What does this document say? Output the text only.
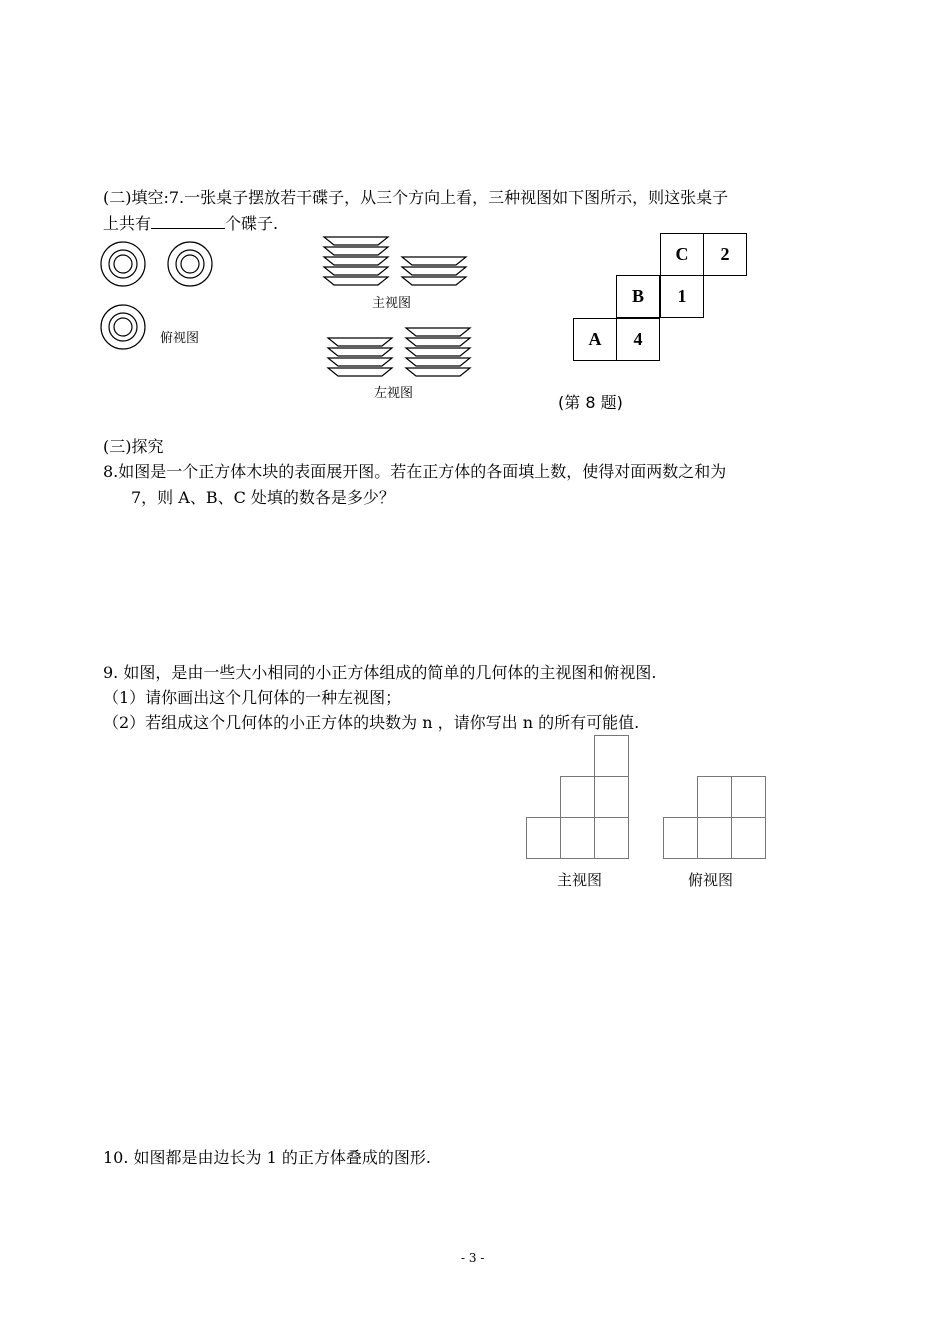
(二)填空:7.一张桌子摆放若干碟子，从三个方向上看，三种视图如下图所示，则这张桌子
上共有	个碟子.
俯视图
主视图
左视图
C	2
B	1
A	4
(第 8 题)
(三)探究
8.如图是一个正方体木块的表面展开图。若在正方体的各面填上数，使得对面两数之和为
7，则 A、B、C 处填的数各是多少？
9. 如图，是由一些大小相同的小正方体组成的简单的几何体的主视图和俯视图.
（1）请你画出这个几何体的一种左视图；
（2）若组成这个几何体的小正方体的块数为 n ，请你写出 n 的所有可能值.
主视图	俯视图
10. 如图都是由边长为 1 的正方体叠成的图形.
- 3 -
